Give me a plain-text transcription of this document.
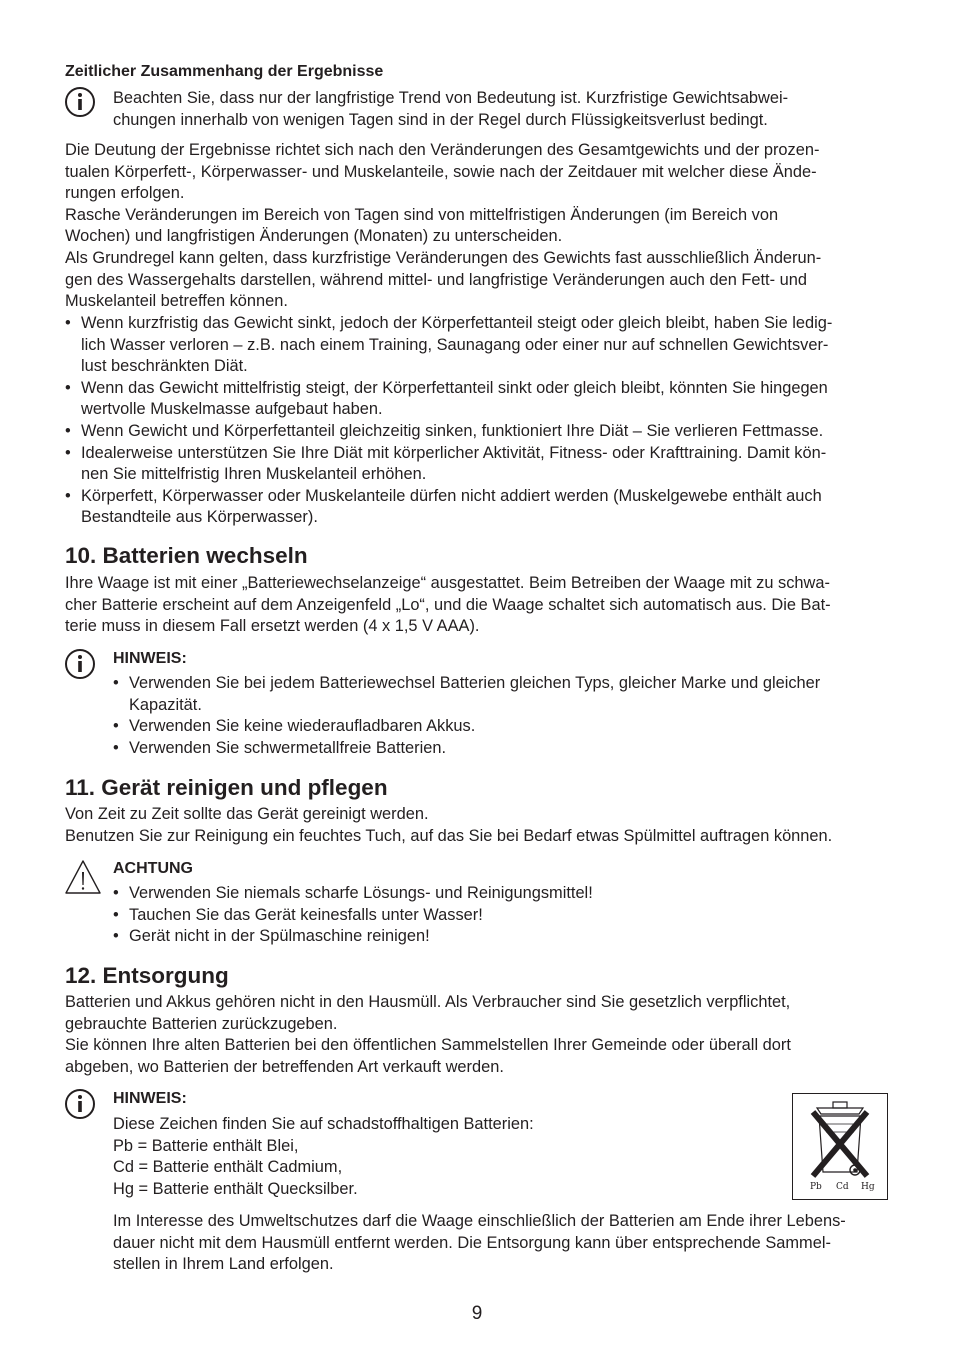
Zeitlicher Zusammenhang der Ergebnisse
Beachten Sie, dass nur der langfristige Trend von Bedeutung ist. Kurzfristige Gewichtsabwei-
chungen innerhalb von wenigen Tagen sind in der Regel durch Flüssigkeitsverlust bedingt.
Die Deutung der Ergebnisse richtet sich nach den Veränderungen des Gesamtgewichts und der prozen-
tualen Körperfett-, Körperwasser- und Muskelanteile, sowie nach der Zeitdauer mit welcher diese Ände-
rungen erfolgen.
Rasche Veränderungen im Bereich von Tagen sind von mittelfristigen Änderungen (im Bereich von
Wochen) und langfristigen Änderungen (Monaten) zu unterscheiden.
Als Grundregel kann gelten, dass kurzfristige Veränderungen des Gewichts fast ausschließlich Änderun-
gen des Wassergehalts darstellen, während mittel- und langfristige Veränderungen auch den Fett- und
Muskelanteil betreffen können.
• Wenn kurzfristig das Gewicht sinkt, jedoch der Körperfettanteil steigt oder gleich bleibt, haben Sie ledig-
lich Wasser verloren – z.B. nach einem Training, Saunagang oder einer nur auf schnellen Gewichtsver-
lust beschränkten Diät.
• Wenn das Gewicht mittelfristig steigt, der Körperfettanteil sinkt oder gleich bleibt, könnten Sie hingegen
wertvolle Muskelmasse aufgebaut haben.
• Wenn Gewicht und Körperfettanteil gleichzeitig sinken, funktioniert Ihre Diät – Sie verlieren Fettmasse.
• Idealerweise unterstützen Sie Ihre Diät mit körperlicher Aktivität, Fitness- oder Krafttraining. Damit kön-
nen Sie mittelfristig Ihren Muskelanteil erhöhen.
• Körperfett, Körperwasser oder Muskelanteile dürfen nicht addiert werden (Muskelgewebe enthält auch
Bestandteile aus Körperwasser).
10. Batterien wechseln
Ihre Waage ist mit einer „Batteriewechselanzeige“ ausgestattet. Beim Betreiben der Waage mit zu schwa-
cher Batterie erscheint auf dem Anzeigenfeld „Lo“, und die Waage schaltet sich automatisch aus. Die Bat-
terie muss in diesem Fall ersetzt werden (4 x 1,5 V AAA).
HINWEIS:
• Verwenden Sie bei jedem Batteriewechsel Batterien gleichen Typs, gleicher Marke und gleicher
Kapazität.
• Verwenden Sie keine wiederaufladbaren Akkus.
• Verwenden Sie schwermetallfreie Batterien.
11. Gerät reinigen und pflegen
Von Zeit zu Zeit sollte das Gerät gereinigt werden.
Benutzen Sie zur Reinigung ein feuchtes Tuch, auf das Sie bei Bedarf etwas Spülmittel auftragen können.
ACHTUNG
• Verwenden Sie niemals scharfe Lösungs- und Reinigungsmittel!
• Tauchen Sie das Gerät keinesfalls unter Wasser!
• Gerät nicht in der Spülmaschine reinigen!
12. Entsorgung
Batterien und Akkus gehören nicht in den Hausmüll. Als Verbraucher sind Sie gesetzlich verpflichtet,
gebrauchte Batterien zurückzugeben.
Sie können Ihre alten Batterien bei den öffentlichen Sammelstellen Ihrer Gemeinde oder überall dort
abgeben, wo Batterien der betreffenden Art verkauft werden.
HINWEIS:
Diese Zeichen finden Sie auf schadstoffhaltigen Batterien:
Pb = Batterie enthält Blei,
Cd = Batterie enthält Cadmium,
Hg = Batterie enthält Quecksilber.	Pb Cd Hg
Im Interesse des Umweltschutzes darf die Waage einschließlich der Batterien am Ende ihrer Lebens-
dauer nicht mit dem Hausmüll entfernt werden. Die Entsorgung kann über entsprechende Sammel-
stellen in Ihrem Land erfolgen.
9
